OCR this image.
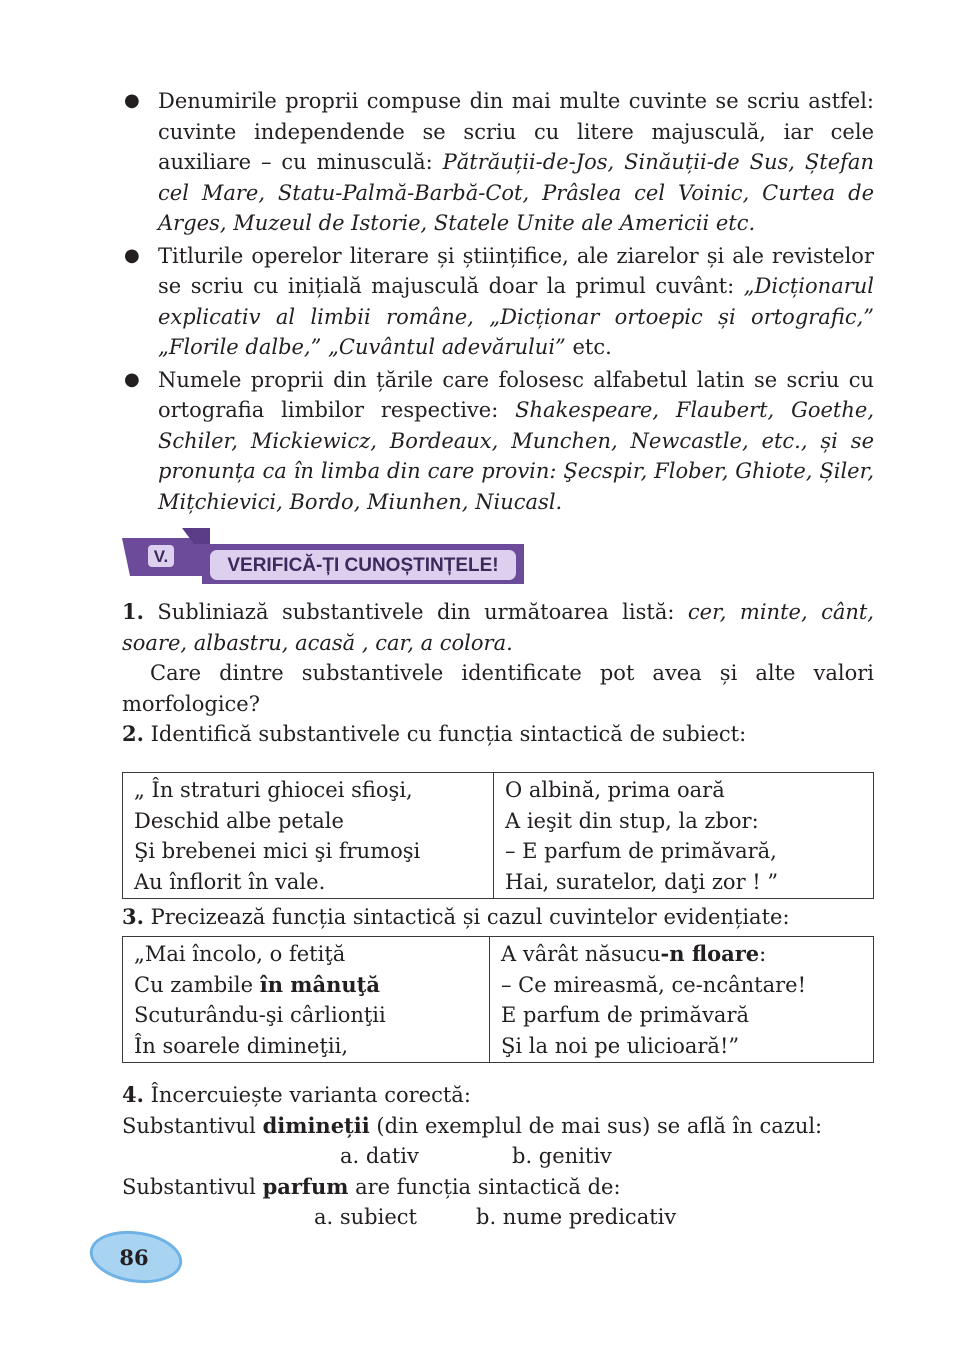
● Denumirile proprii compuse din mai multe cuvinte se scriu astfel: cuvinte independende se scriu cu litere majusculă, iar cele auxiliare – cu minusculă: Pătrăuții-de-Jos, Sinăuții-de Sus, Ștefan cel Mare, Statu-Palmă-Barbă-Cot, Prâslea cel Voinic, Curtea de Arges, Muzeul de Istorie, Statele Unite ale Americii etc.
● Titlurile operelor literare și științifice, ale ziarelor și ale revistelor se scriu cu inițială majusculă doar la primul cuvânt: „Dicționarul explicativ al limbii române, „Dicționar ortoepic și ortografic,” „Florile dalbe,” „Cuvântul adevărului” etc.
● Numele proprii din țările care folosesc alfabetul latin se scriu cu ortografia limbilor respective: Shakespeare, Flaubert, Goethe, Schiler, Mickiewicz, Bordeaux, Munchen, Newcastle, etc., și se pronunța ca în limba din care provin: Şecspir, Flober, Ghiote, Șiler, Mițchievici, Bordo, Miunhen, Niucasl.
V.	VERIFICĂ-ȚI CUNOȘTINȚELE!
1. Subliniază substantivele din următoarea listă: cer, minte, cânt, soare, albastru, acasă , car, a colora.
Care dintre substantivele identificate pot avea și alte valori morfologice?
2. Identifică substantivele cu funcția sintactică de subiect:
„ În straturi ghiocei sfioşi,
Deschid albe petale
Şi brebenei mici şi frumoşi
Au înflorit în vale.

O albină, prima oară
A ieşit din stup, la zbor:
– E parfum de primăvară,
Hai, suratelor, daţi zor ! ”
3. Precizează funcția sintactică și cazul cuvintelor evidențiate:
„Mai încolo, o fetiţă
Cu zambile în mânuţă
Scuturându-şi cârlionţii
În soarele dimineţii,

A vârât năsucu-n floare:
– Ce mireasmă, ce-ncântare!
E parfum de primăvară
Şi la noi pe ulicioară!”
4. Încercuiește varianta corectă:
Substantivul dimineții (din exemplul de mai sus) se află în cazul:
a. dativ	b. genitiv
Substantivul parfum are funcția sintactică de:
a. subiect	b. nume predicativ
86
